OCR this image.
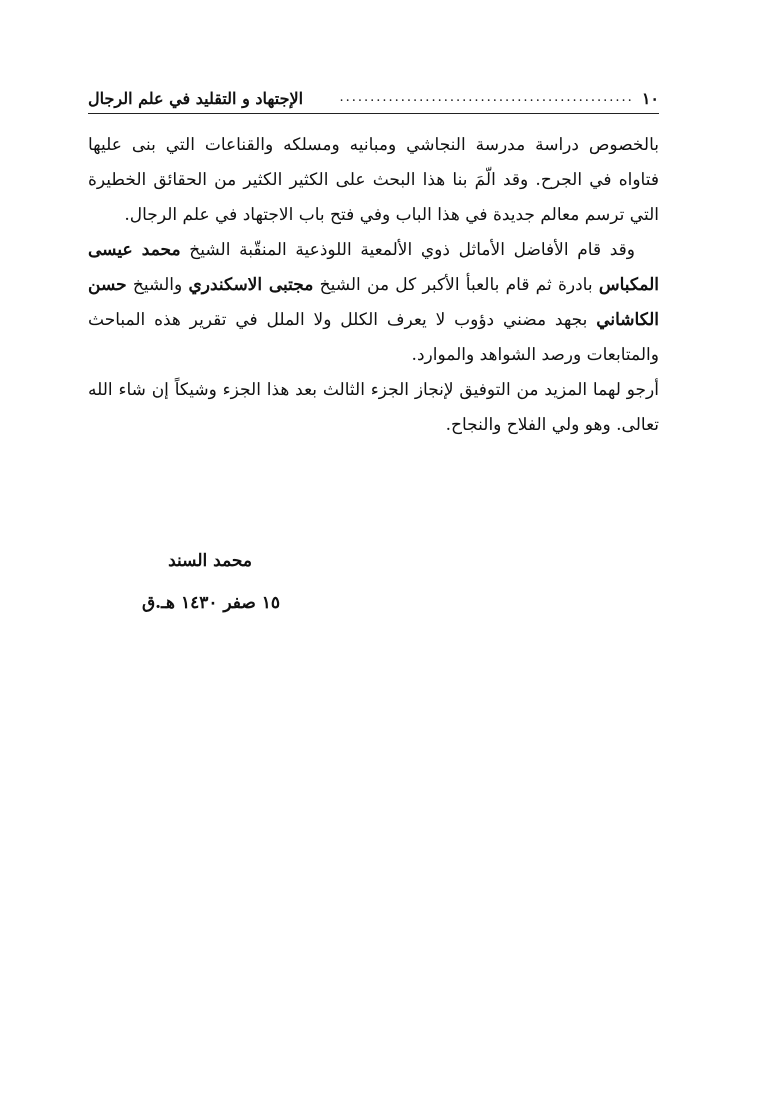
١٠
................................................
الإجتهاد و التقليد في علم الرجال

بالخصوص دراسة مدرسة النجاشي ومبانيه ومسلكه والقناعات التي بنى عليها فتاواه في الجرح. وقد الّمَ بنا هذا البحث على الكثير الكثير من الحقائق الخطيرة التي ترسم معالم جديدة في هذا الباب وفي فتح باب الاجتهاد في علم الرجال.

وقد قام الأفاضل الأماثل ذوي الألمعية اللوذعية المنقّبة الشيخ محمد عيسى المكباس بادرة ثم قام بالعبأ الأكبر كل من الشيخ مجتبى الاسكندري والشيخ حسن الكاشاني بجهد مضني دؤوب لا يعرف الكلل ولا الملل في تقرير هذه المباحث والمتابعات ورصد الشواهد والموارد.

أرجو لهما المزيد من التوفيق لإنجاز الجزء الثالث بعد هذا الجزء وشيكاً إن شاء الله تعالى. وهو ولي الفلاح والنجاح.

محمد السند
١٥ صفر ١٤٣٠ هـ.ق
